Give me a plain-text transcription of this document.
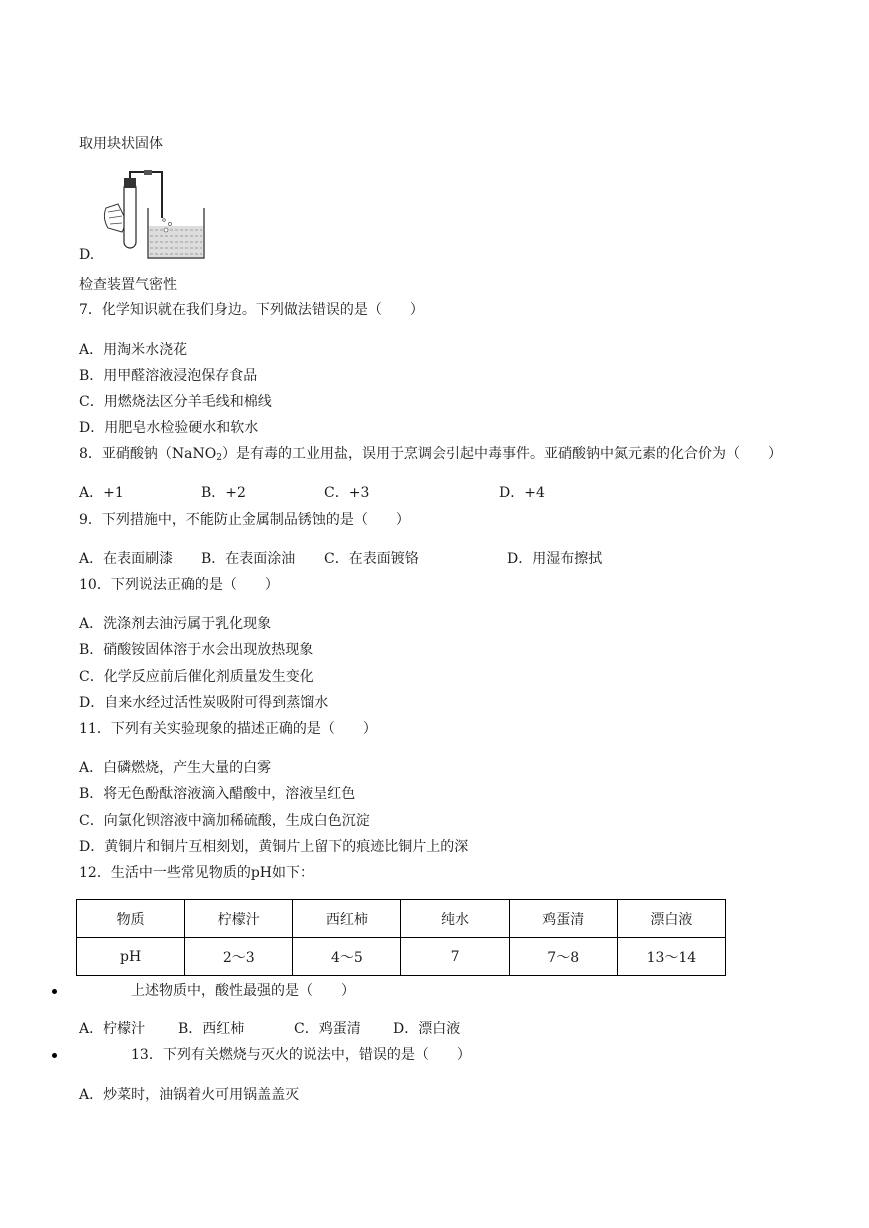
取用块状固体
D.
检查装置气密性
7．化学知识就在我们身边。下列做法错误的是（　　）
A．用淘米水浇花
B．用甲醛溶液浸泡保存食品
C．用燃烧法区分羊毛线和棉线
D．用肥皂水检验硬水和软水
8．亚硝酸钠（NaNO$_2$）是有毒的工业用盐，误用于烹调会引起中毒事件。亚硝酸钠中氮元素的化合价为（　　）
A．+1	B．+2	C．+3	D．+4
9．下列措施中，不能防止金属制品锈蚀的是（　　）
A．在表面刷漆 B．在表面涂油 C．在表面镀铬	D．用湿布擦拭
10．下列说法正确的是（　　）
A．洗涤剂去油污属于乳化现象
B．硝酸铵固体溶于水会出现放热现象
C．化学反应前后催化剂质量发生变化
D．自来水经过活性炭吸附可得到蒸馏水
11．下列有关实验现象的描述正确的是（　　）
A．白磷燃烧，产生大量的白雾
B．将无色酚酞溶液滴入醋酸中，溶液呈红色
C．向氯化钡溶液中滴加稀硫酸，生成白色沉淀
D．黄铜片和铜片互相刻划，黄铜片上留下的痕迹比铜片上的深
12．生活中一些常见物质的pH如下：
物质	柠檬汁	西红柿	纯水	鸡蛋清	漂白液
pH	2～3	4～5	7	7～8	13～14
上述物质中，酸性最强的是（　　）
A．柠檬汁 B．西红柿	C．鸡蛋清 D．漂白液
13．下列有关燃烧与灭火的说法中，错误的是（　　）
A．炒菜时，油锅着火可用锅盖盖灭
